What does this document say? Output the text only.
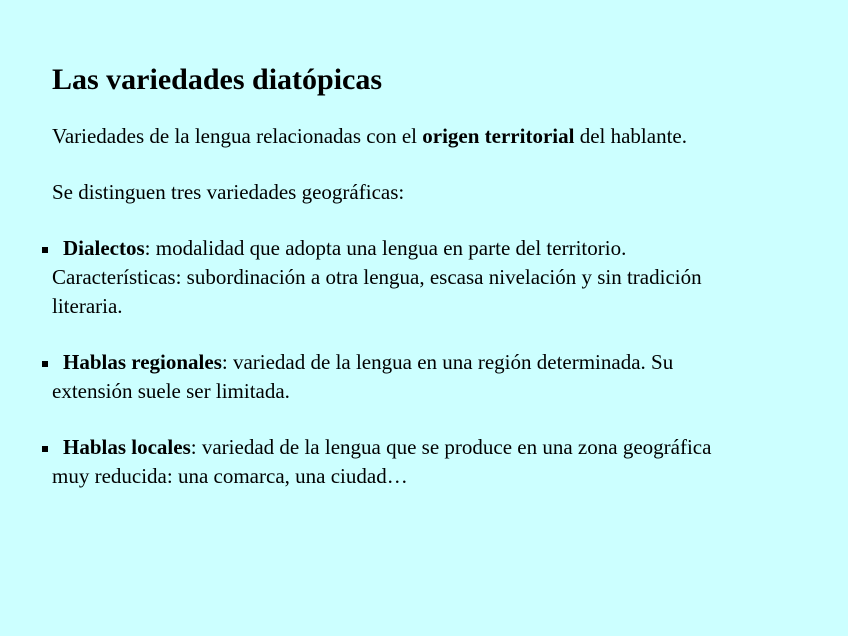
Las variedades diatópicas

Variedades de la lengua relacionadas con el origen territorial del hablante.

Se distinguen tres variedades geográficas:

Dialectos: modalidad que adopta una lengua en parte del territorio.
Características: subordinación a otra lengua, escasa nivelación y sin tradición
literaria.
Hablas regionales: variedad de la lengua en una región determinada. Su
extensión suele ser limitada.
Hablas locales: variedad de la lengua que se produce en una zona geográfica
muy reducida: una comarca, una ciudad…
